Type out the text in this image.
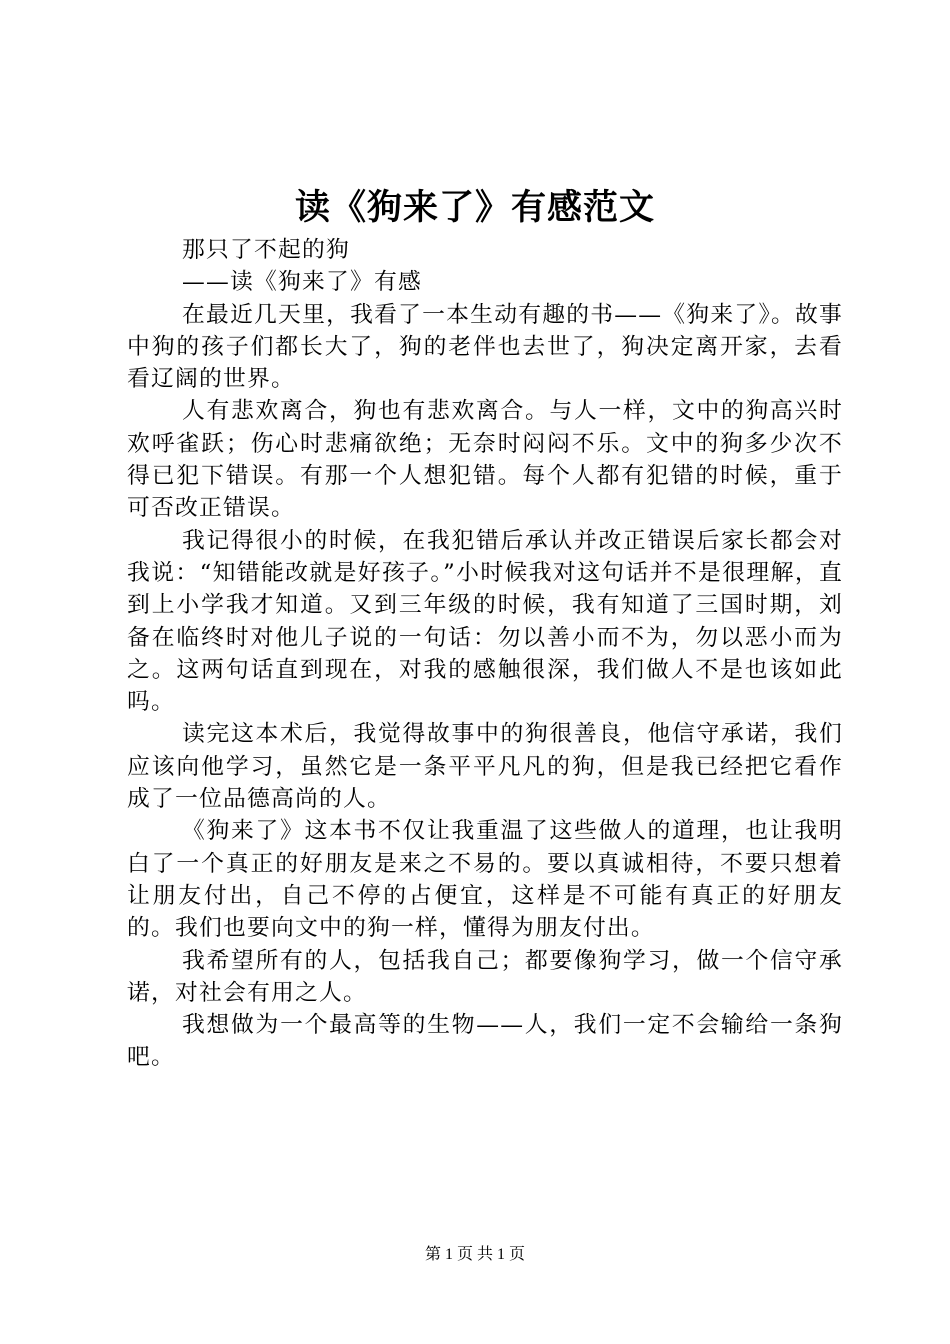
读《狗来了》有感范文

那只了不起的狗

——读《狗来了》有感

在最近几天里，我看了一本生动有趣的书——《狗来了》。故事中狗的孩子们都长大了，狗的老伴也去世了，狗决定离开家，去看看辽阔的世界。

人有悲欢离合，狗也有悲欢离合。与人一样，文中的狗高兴时欢呼雀跃；伤心时悲痛欲绝；无奈时闷闷不乐。文中的狗多少次不得已犯下错误。有那一个人想犯错。每个人都有犯错的时候，重于可否改正错误。

我记得很小的时候，在我犯错后承认并改正错误后家长都会对我说：“知错能改就是好孩子。”小时候我对这句话并不是很理解，直到上小学我才知道。又到三年级的时候，我有知道了三国时期，刘备在临终时对他儿子说的一句话：勿以善小而不为，勿以恶小而为之。这两句话直到现在，对我的感触很深，我们做人不是也该如此吗。

读完这本术后，我觉得故事中的狗很善良，他信守承诺，我们应该向他学习，虽然它是一条平平凡凡的狗，但是我已经把它看作成了一位品德高尚的人。

《狗来了》这本书不仅让我重温了这些做人的道理，也让我明白了一个真正的好朋友是来之不易的。要以真诚相待，不要只想着让朋友付出，自己不停的占便宜，这样是不可能有真正的好朋友的。我们也要向文中的狗一样，懂得为朋友付出。

我希望所有的人，包括我自己；都要像狗学习，做一个信守承诺，对社会有用之人。

我想做为一个最高等的生物——人，我们一定不会输给一条狗吧。

第 1 页 共 1 页
